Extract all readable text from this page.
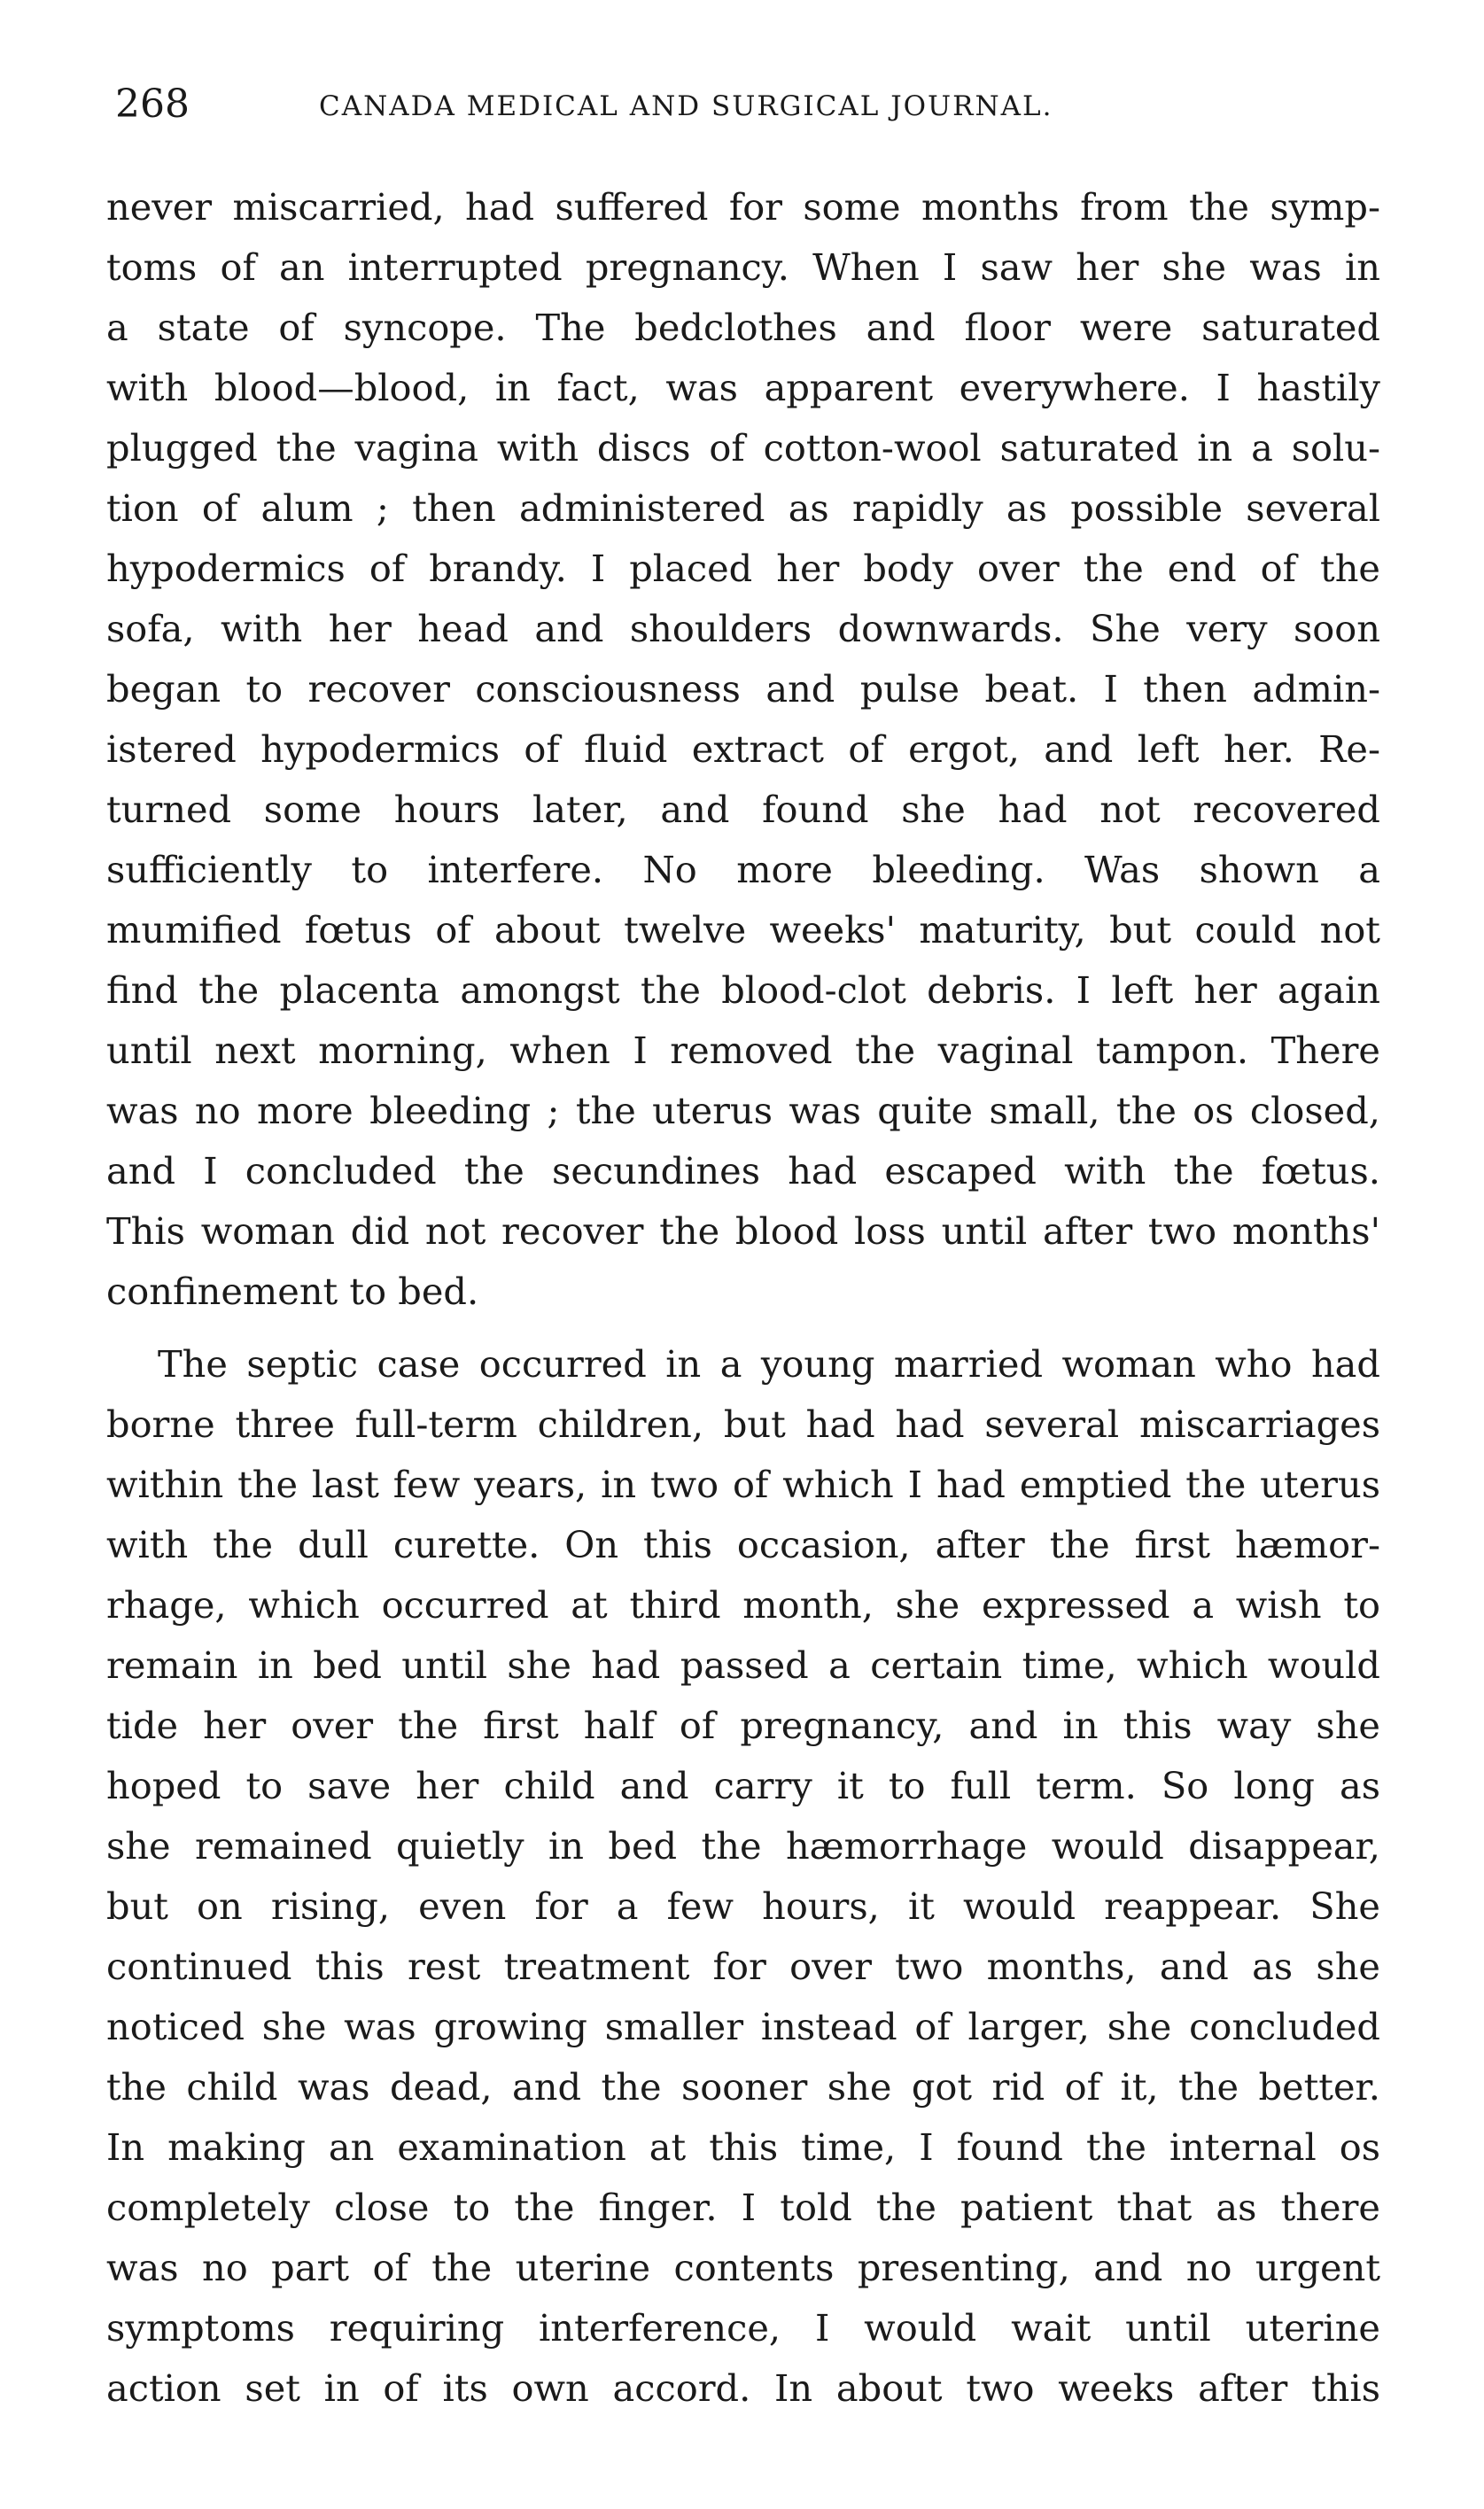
268	CANADA MEDICAL AND SURGICAL JOURNAL.
never miscarried, had suffered for some months from the symp-
toms of an interrupted pregnancy. When I saw her she was in
a state of syncope. The bedclothes and floor were saturated
with blood—blood, in fact, was apparent everywhere. I hastily
plugged the vagina with discs of cotton-wool saturated in a solu-
tion of alum ; then administered as rapidly as possible several
hypodermics of brandy. I placed her body over the end of the
sofa, with her head and shoulders downwards. She very soon
began to recover consciousness and pulse beat. I then admin-
istered hypodermics of fluid extract of ergot, and left her. Re-
turned some hours later, and found she had not recovered
sufficiently to interfere. No more bleeding. Was shown a
mumified fœtus of about twelve weeks' maturity, but could not
find the placenta amongst the blood-clot debris. I left her again
until next morning, when I removed the vaginal tampon. There
was no more bleeding ; the uterus was quite small, the os closed,
and I concluded the secundines had escaped with the fœtus.
This woman did not recover the blood loss until after two months'
confinement to bed.
The septic case occurred in a young married woman who had
borne three full-term children, but had had several miscarriages
within the last few years, in two of which I had emptied the uterus
with the dull curette. On this occasion, after the first hæmor-
rhage, which occurred at third month, she expressed a wish to
remain in bed until she had passed a certain time, which would
tide her over the first half of pregnancy, and in this way she
hoped to save her child and carry it to full term. So long as
she remained quietly in bed the hæmorrhage would disappear,
but on rising, even for a few hours, it would reappear. She
continued this rest treatment for over two months, and as she
noticed she was growing smaller instead of larger, she concluded
the child was dead, and the sooner she got rid of it, the better.
In making an examination at this time, I found the internal os
completely close to the finger. I told the patient that as there
was no part of the uterine contents presenting, and no urgent
symptoms requiring interference, I would wait until uterine
action set in of its own accord. In about two weeks after this
